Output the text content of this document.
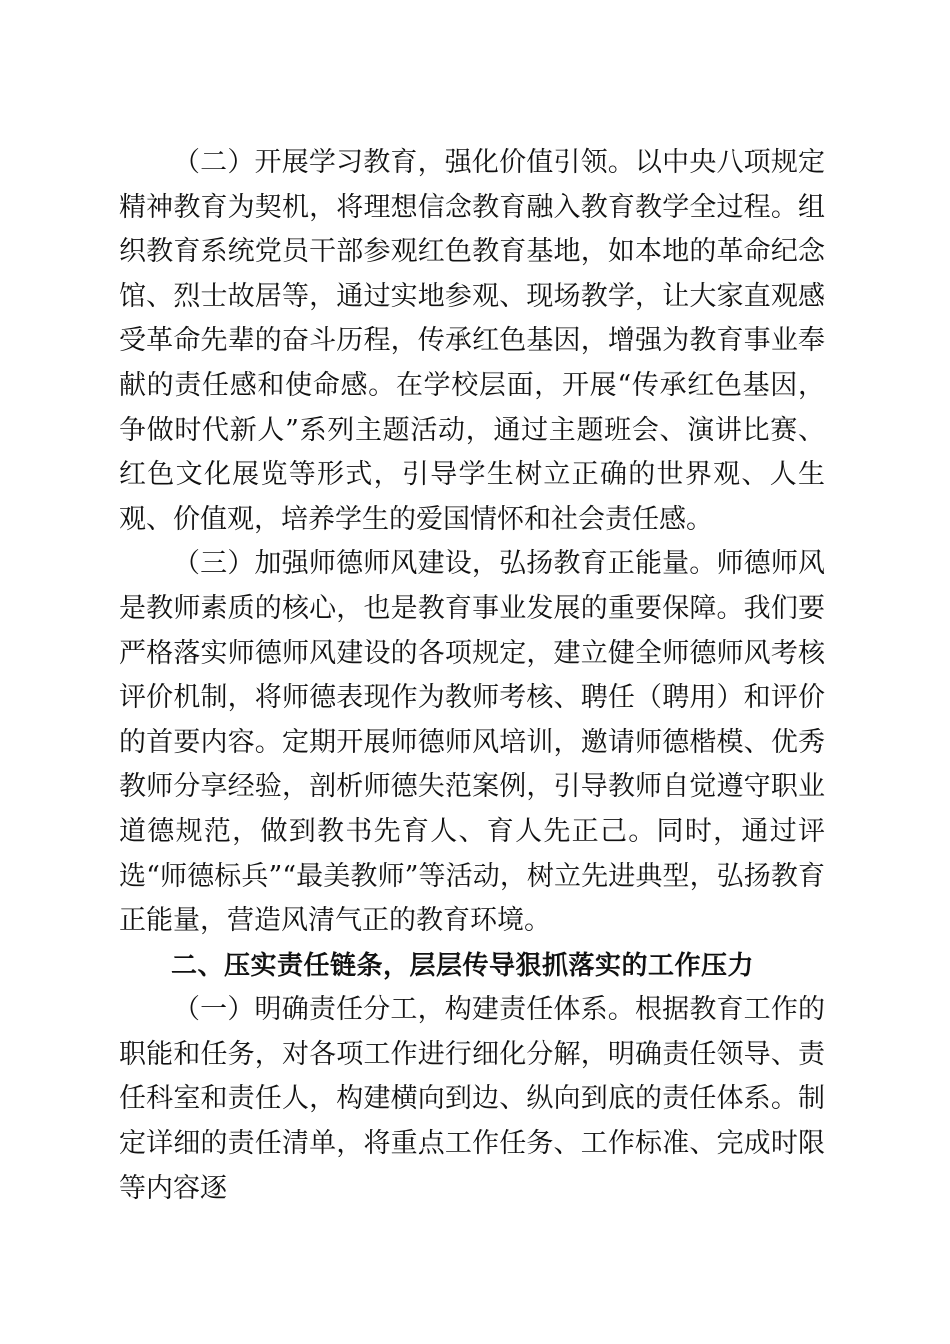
（二）开展学习教育，强化价值引领。以中央八项规定精神教育为契机，将理想信念教育融入教育教学全过程。组织教育系统党员干部参观红色教育基地，如本地的革命纪念馆、烈士故居等，通过实地参观、现场教学，让大家直观感受革命先辈的奋斗历程，传承红色基因，增强为教育事业奉献的责任感和使命感。在学校层面，开展“传承红色基因，争做时代新人”系列主题活动，通过主题班会、演讲比赛、红色文化展览等形式，引导学生树立正确的世界观、人生观、价值观，培养学生的爱国情怀和社会责任感。

（三）加强师德师风建设，弘扬教育正能量。师德师风是教师素质的核心，也是教育事业发展的重要保障。我们要严格落实师德师风建设的各项规定，建立健全师德师风考核评价机制，将师德表现作为教师考核、聘任（聘用）和评价的首要内容。定期开展师德师风培训，邀请师德楷模、优秀教师分享经验，剖析师德失范案例，引导教师自觉遵守职业道德规范，做到教书先育人、育人先正己。同时，通过评选“师德标兵”“最美教师”等活动，树立先进典型，弘扬教育正能量，营造风清气正的教育环境。

二、压实责任链条，层层传导狠抓落实的工作压力

（一）明确责任分工，构建责任体系。根据教育工作的职能和任务，对各项工作进行细化分解，明确责任领导、责任科室和责任人，构建横向到边、纵向到底的责任体系。制定详细的责任清单，将重点工作任务、工作标准、完成时限等内容逐
